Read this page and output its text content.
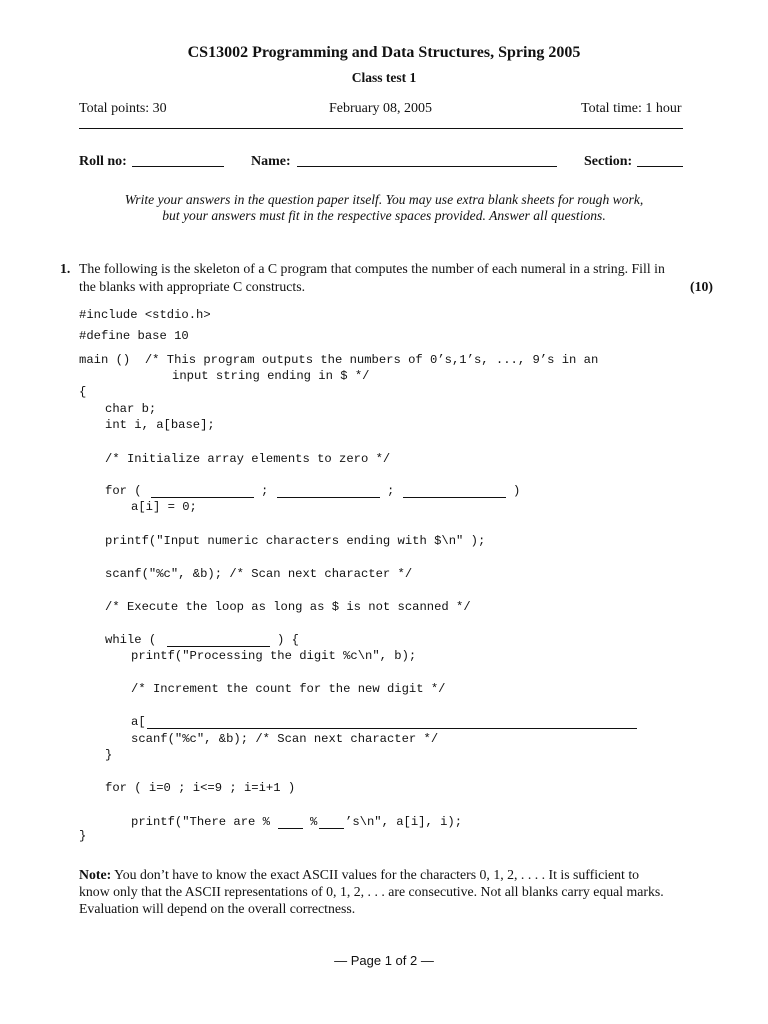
CS13002 Programming and Data Structures, Spring 2005
Class test 1
Total points: 30	February 08, 2005	Total time: 1 hour
Roll no:	Name:	Section:
Write your answers in the question paper itself. You may use extra blank sheets for rough work,
but your answers must fit in the respective spaces provided. Answer all questions.
1. The following is the skeleton of a C program that computes the number of each numeral in a string. Fill in
the blanks with appropriate C constructs.	(10)
#include <stdio.h>
#define base 10
main ()  /* This program outputs the numbers of 0’s,1’s, ..., 9’s in an
input string ending in $ */
{
char b;
int i, a[base];
/* Initialize array elements to zero */
for (	;	;	)
a[i] = 0;
printf("Input numeric characters ending with $\n" );
scanf("%c", &b); /* Scan next character */
/* Execute the loop as long as $ is not scanned */
while (	) {
printf("Processing the digit %c\n", b);
/* Increment the count for the new digit */
a[
scanf("%c", &b); /* Scan next character */
}
for ( i=0 ; i<=9 ; i=i+1 )
printf("There are %	% ’s\n", a[i], i);
}
Note: You don’t have to know the exact ASCII values for the characters 0, 1, 2, . . . . It is sufficient to
know only that the ASCII representations of 0, 1, 2, . . . are consecutive. Not all blanks carry equal marks.
Evaluation will depend on the overall correctness.
— Page 1 of 2 —
